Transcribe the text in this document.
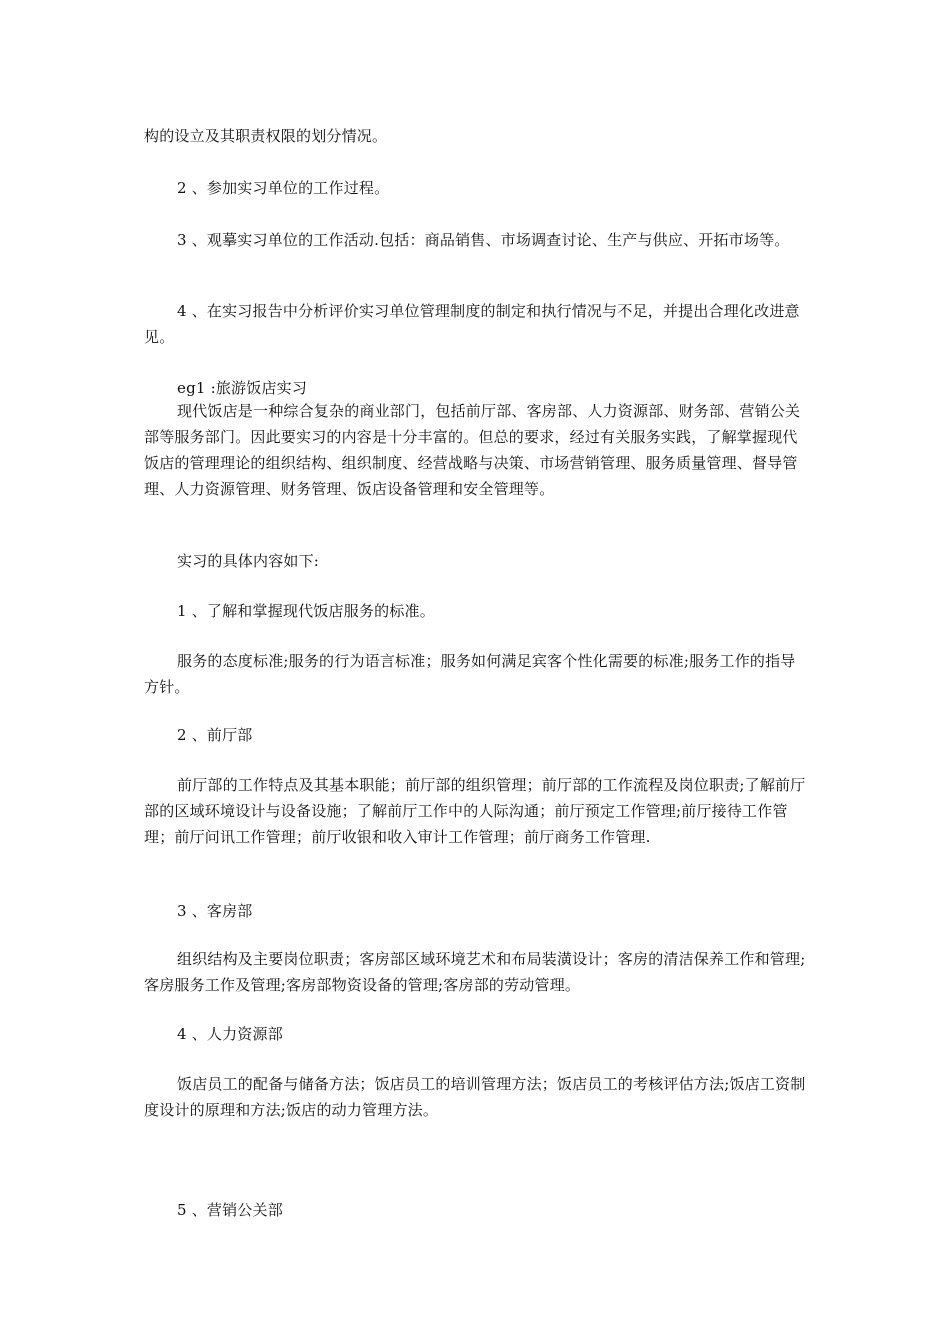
构的设立及其职责权限的划分情况。

2 、参加实习单位的工作过程。

3 、观摹实习单位的工作活动.包括：商品销售、市场调查讨论、生产与供应、开拓市场等。

4 、在实习报告中分析评价实习单位管理制度的制定和执行情况与不足，并提出合理化改进意见。

eg1 :旅游饭店实习

现代饭店是一种综合复杂的商业部门，包括前厅部、客房部、人力资源部、财务部、营销公关部等服务部门。因此要实习的内容是十分丰富的。但总的要求，经过有关服务实践，了解掌握现代饭店的管理理论的组织结构、组织制度、经营战略与决策、市场营销管理、服务质量管理、督导管理、人力资源管理、财务管理、饭店设备管理和安全管理等。

实习的具体内容如下:

1 、了解和掌握现代饭店服务的标准。

服务的态度标准;服务的行为语言标准；服务如何满足宾客个性化需要的标准;服务工作的指导方针。

2 、前厅部

前厅部的工作特点及其基本职能；前厅部的组织管理；前厅部的工作流程及岗位职责;了解前厅部的区域环境设计与设备设施；了解前厅工作中的人际沟通；前厅预定工作管理;前厅接待工作管理；前厅问讯工作管理；前厅收银和收入审计工作管理；前厅商务工作管理.

3 、客房部

组织结构及主要岗位职责；客房部区域环境艺术和布局装潢设计；客房的清洁保养工作和管理;客房服务工作及管理;客房部物资设备的管理;客房部的劳动管理。

4 、人力资源部

饭店员工的配备与储备方法；饭店员工的培训管理方法；饭店员工的考核评估方法;饭店工资制度设计的原理和方法;饭店的动力管理方法。

5 、营销公关部
